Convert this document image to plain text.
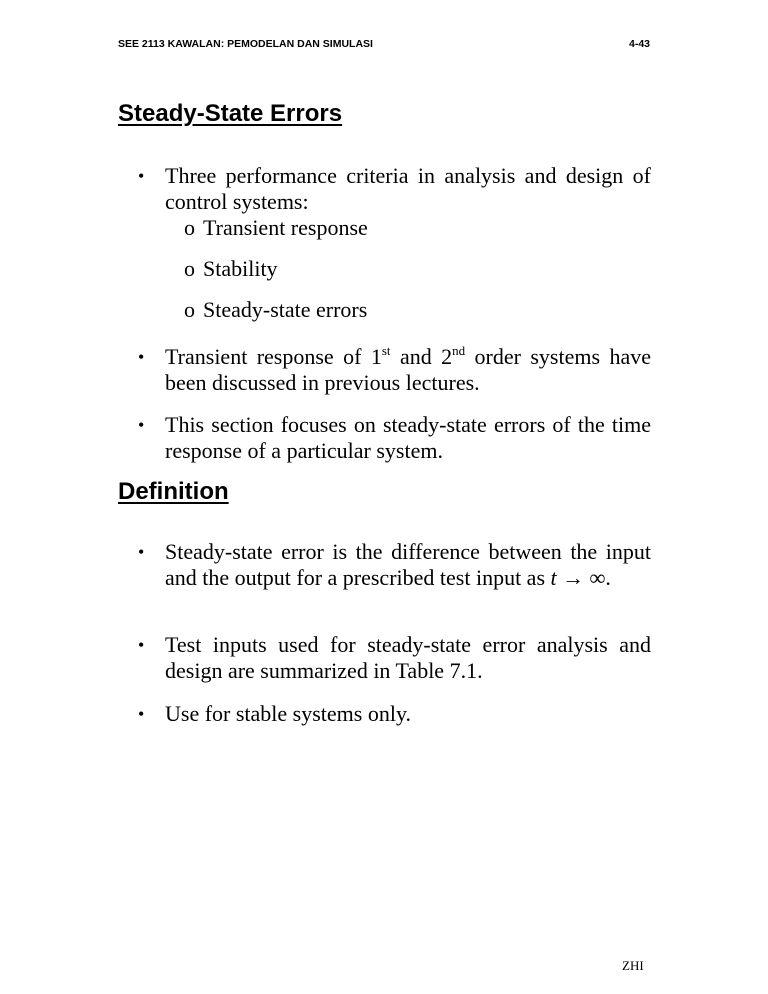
SEE 2113 KAWALAN: PEMODELAN DAN SIMULASI	4-43
Steady-State Errors
• Three performance criteria in analysis and design of control systems:
o Transient response
o Stability
o Steady-state errors
• Transient response of 1st and 2nd order systems have been discussed in previous lectures.
• This section focuses on steady-state errors of the time response of a particular system.
Definition
• Steady-state error is the difference between the input and the output for a prescribed test input as t → ∞.
• Test inputs used for steady-state error analysis and design are summarized in Table 7.1.
• Use for stable systems only.
ZHI
